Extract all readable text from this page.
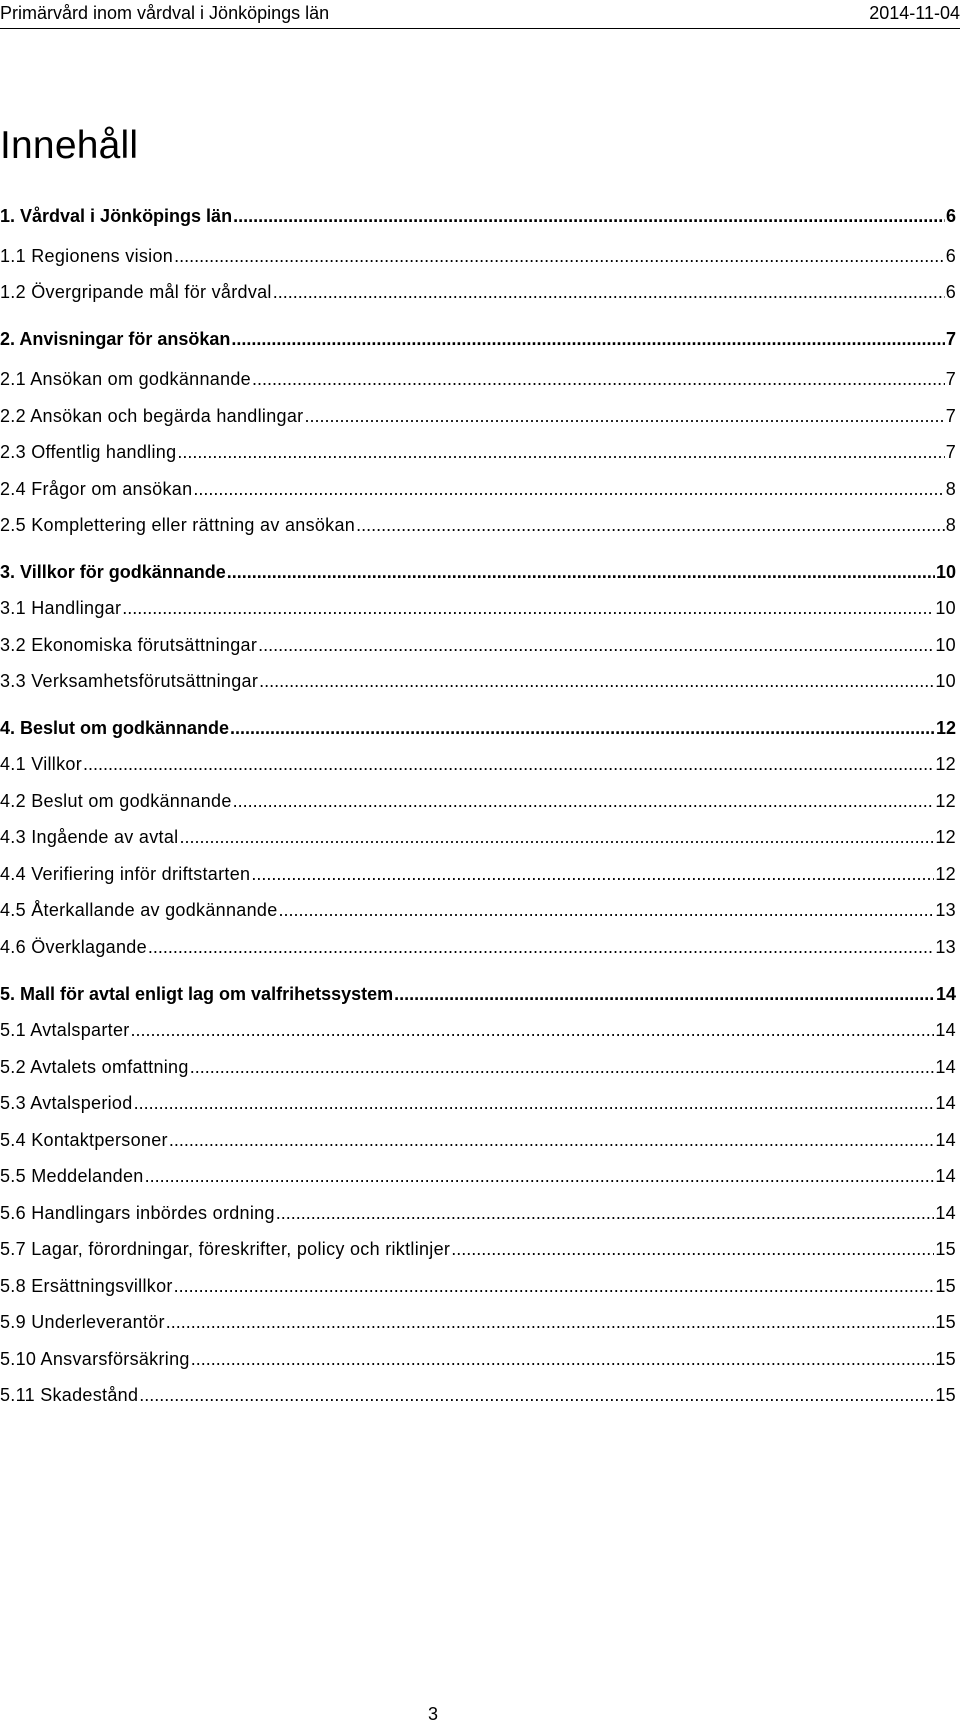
Primärvård inom vårdval i Jönköpings län	2014-11-04
Innehåll
1. Vårdval i Jönköpings län .....	6
1.1 Regionens vision .....	6
1.2 Övergripande mål för vårdval .....	6
2. Anvisningar för ansökan .....	7
2.1 Ansökan om godkännande .....	7
2.2 Ansökan och begärda handlingar .....	7
2.3 Offentlig handling .....	7
2.4 Frågor om ansökan .....	8
2.5 Komplettering eller rättning av ansökan .....	8
3. Villkor för godkännande .....	10
3.1 Handlingar .....	10
3.2 Ekonomiska förutsättningar .....	10
3.3 Verksamhetsförutsättningar .....	10
4. Beslut om godkännande .....	12
4.1 Villkor .....	12
4.2 Beslut om godkännande .....	12
4.3 Ingående av avtal .....	12
4.4 Verifiering inför driftstarten .....	12
4.5 Återkallande av godkännande .....	13
4.6 Överklagande .....	13
5. Mall för avtal enligt lag om valfrihetssystem .....	14
5.1 Avtalsparter .....	14
5.2 Avtalets omfattning .....	14
5.3 Avtalsperiod .....	14
5.4 Kontaktpersoner .....	14
5.5 Meddelanden .....	14
5.6 Handlingars inbördes ordning .....	14
5.7 Lagar, förordningar, föreskrifter, policy och riktlinjer .....	15
5.8 Ersättningsvillkor .....	15
5.9 Underleverantör .....	15
5.10 Ansvarsförsäkring .....	15
5.11 Skadestånd .....	15
3
